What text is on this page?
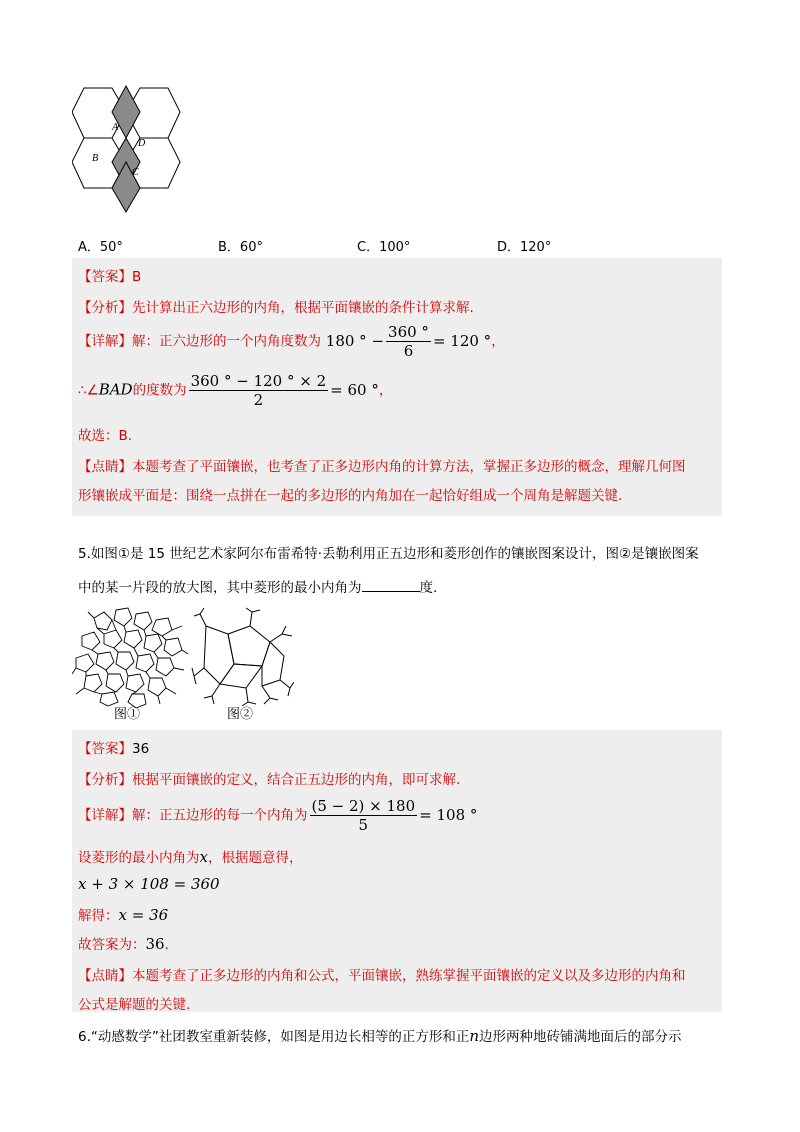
A
B
C
D
A．50°	B．60°	C．100°	D．120°
【答案】B
【分析】先计算出正六边形的内角，根据平面镶嵌的条件计算求解.
【详解】解：正六边形的一个内角度数为 180 ° − $\frac{360 ^\circ}{6} = 120$ °，
∴∠BAD的度数为 $\frac{360 ^\circ - 120 ^\circ \times 2}{2} = 60$ °，
故选：B.
【点睛】本题考查了平面镶嵌，也考查了正多边形内角的计算方法，掌握正多边形的概念，理解几何图
形镶嵌成平面是：围绕一点拼在一起的多边形的内角加在一起恰好组成一个周角是解题关键.
5.如图①是 15 世纪艺术家阿尔布雷希特·丢勒利用正五边形和菱形创作的镶嵌图案设计，图②是镶嵌图案
中的某一片段的放大图，其中菱形的最小内角为	度.
图①	图②
【答案】36
【分析】根据平面镶嵌的定义，结合正五边形的内角，即可求解.
【详解】解：正五边形的每一个内角为 $\frac{(5 - 2) \times 180}{5} = 108$ °
设菱形的最小内角为x，根据题意得，
x + 3 × 108 = 360
解得：x = 36
故答案为：36.
【点睛】本题考查了正多边形的内角和公式，平面镶嵌，熟练掌握平面镶嵌的定义以及多边形的内角和
公式是解题的关键.
6.“动感数学”社团教室重新装修，如图是用边长相等的正方形和正n边形两种地砖铺满地面后的部分示
